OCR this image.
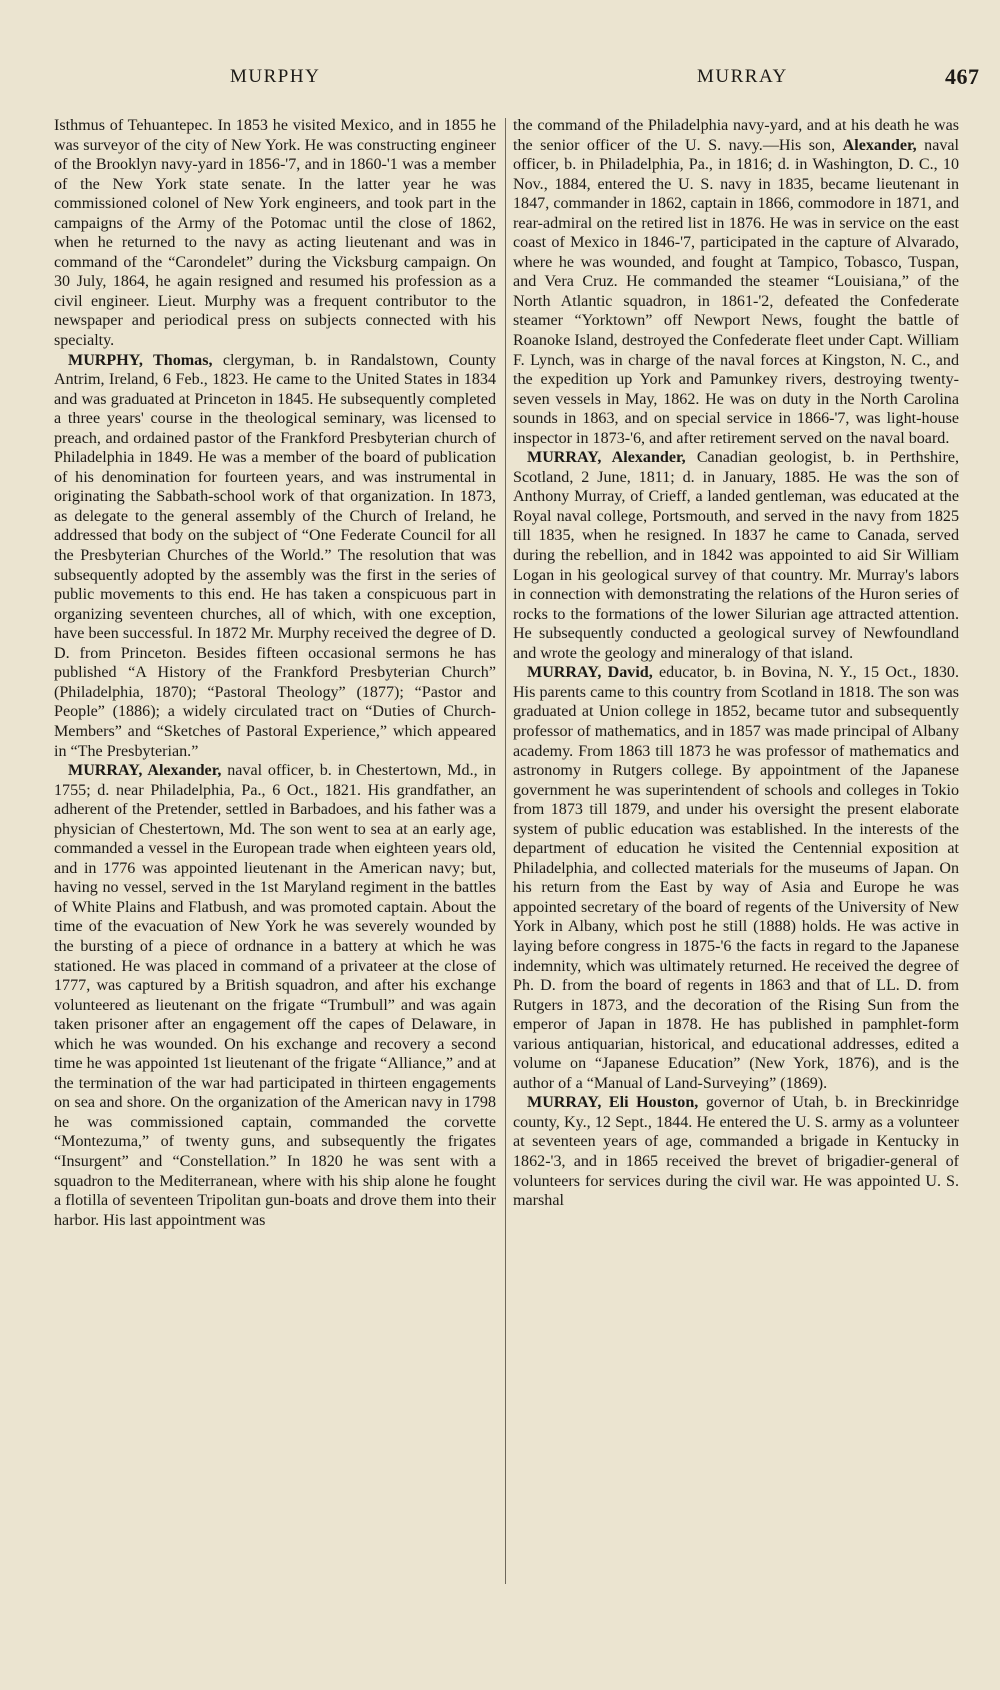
MURPHY	MURRAY	467

Isthmus of Tehuantepec. In 1853 he visited Mexico, and in 1855 he was surveyor of the city of New York. He was constructing engineer of the Brooklyn navy-yard in 1856-'7, and in 1860-'1 was a member of the New York state senate. In the latter year he was commissioned colonel of New York engineers, and took part in the campaigns of the Army of the Potomac until the close of 1862, when he returned to the navy as acting lieutenant and was in command of the “Carondelet” during the Vicksburg campaign. On 30 July, 1864, he again resigned and resumed his profession as a civil engineer. Lieut. Murphy was a frequent contributor to the newspaper and periodical press on subjects connected with his specialty.

MURPHY, Thomas, clergyman, b. in Randalstown, County Antrim, Ireland, 6 Feb., 1823. He came to the United States in 1834 and was graduated at Princeton in 1845. He subsequently completed a three years' course in the theological seminary, was licensed to preach, and ordained pastor of the Frankford Presbyterian church of Philadelphia in 1849. He was a member of the board of publication of his denomination for fourteen years, and was instrumental in originating the Sabbath-school work of that organization. In 1873, as delegate to the general assembly of the Church of Ireland, he addressed that body on the subject of “One Federate Council for all the Presbyterian Churches of the World.” The resolution that was subsequently adopted by the assembly was the first in the series of public movements to this end. He has taken a conspicuous part in organizing seventeen churches, all of which, with one exception, have been successful. In 1872 Mr. Murphy received the degree of D. D. from Princeton. Besides fifteen occasional sermons he has published “A History of the Frankford Presbyterian Church” (Philadelphia, 1870); “Pastoral Theology” (1877); “Pastor and People” (1886); a widely circulated tract on “Duties of Church-Members” and “Sketches of Pastoral Experience,” which appeared in “The Presbyterian.”

MURRAY, Alexander, naval officer, b. in Chestertown, Md., in 1755; d. near Philadelphia, Pa., 6 Oct., 1821. His grandfather, an adherent of the Pretender, settled in Barbadoes, and his father was a physician of Chestertown, Md. The son went to sea at an early age, commanded a vessel in the European trade when eighteen years old, and in 1776 was appointed lieutenant in the American navy; but, having no vessel, served in the 1st Maryland regiment in the battles of White Plains and Flatbush, and was promoted captain. About the time of the evacuation of New York he was severely wounded by the bursting of a piece of ordnance in a battery at which he was stationed. He was placed in command of a privateer at the close of 1777, was captured by a British squadron, and after his exchange volunteered as lieutenant on the frigate “Trumbull” and was again taken prisoner after an engagement off the capes of Delaware, in which he was wounded. On his exchange and recovery a second time he was appointed 1st lieutenant of the frigate “Alliance,” and at the termination of the war had participated in thirteen engagements on sea and shore. On the organization of the American navy in 1798 he was commissioned captain, commanded the corvette “Montezuma,” of twenty guns, and subsequently the frigates “Insurgent” and “Constellation.” In 1820 he was sent with a squadron to the Mediterranean, where with his ship alone he fought a flotilla of seventeen Tripolitan gun-boats and drove them into their harbor. His last appointment was

the command of the Philadelphia navy-yard, and at his death he was the senior officer of the U. S. navy.—His son, Alexander, naval officer, b. in Philadelphia, Pa., in 1816; d. in Washington, D. C., 10 Nov., 1884, entered the U. S. navy in 1835, became lieutenant in 1847, commander in 1862, captain in 1866, commodore in 1871, and rear-admiral on the retired list in 1876. He was in service on the east coast of Mexico in 1846-'7, participated in the capture of Alvarado, where he was wounded, and fought at Tampico, Tobasco, Tuspan, and Vera Cruz. He commanded the steamer “Louisiana,” of the North Atlantic squadron, in 1861-'2, defeated the Confederate steamer “Yorktown” off Newport News, fought the battle of Roanoke Island, destroyed the Confederate fleet under Capt. William F. Lynch, was in charge of the naval forces at Kingston, N. C., and the expedition up York and Pamunkey rivers, destroying twenty-seven vessels in May, 1862. He was on duty in the North Carolina sounds in 1863, and on special service in 1866-'7, was light-house inspector in 1873-'6, and after retirement served on the naval board.

MURRAY, Alexander, Canadian geologist, b. in Perthshire, Scotland, 2 June, 1811; d. in January, 1885. He was the son of Anthony Murray, of Crieff, a landed gentleman, was educated at the Royal naval college, Portsmouth, and served in the navy from 1825 till 1835, when he resigned. In 1837 he came to Canada, served during the rebellion, and in 1842 was appointed to aid Sir William Logan in his geological survey of that country. Mr. Murray's labors in connection with demonstrating the relations of the Huron series of rocks to the formations of the lower Silurian age attracted attention. He subsequently conducted a geological survey of Newfoundland and wrote the geology and mineralogy of that island.

MURRAY, David, educator, b. in Bovina, N. Y., 15 Oct., 1830. His parents came to this country from Scotland in 1818. The son was graduated at Union college in 1852, became tutor and subsequently professor of mathematics, and in 1857 was made principal of Albany academy. From 1863 till 1873 he was professor of mathematics and astronomy in Rutgers college. By appointment of the Japanese government he was superintendent of schools and colleges in Tokio from 1873 till 1879, and under his oversight the present elaborate system of public education was established. In the interests of the department of education he visited the Centennial exposition at Philadelphia, and collected materials for the museums of Japan. On his return from the East by way of Asia and Europe he was appointed secretary of the board of regents of the University of New York in Albany, which post he still (1888) holds. He was active in laying before congress in 1875-'6 the facts in regard to the Japanese indemnity, which was ultimately returned. He received the degree of Ph. D. from the board of regents in 1863 and that of LL. D. from Rutgers in 1873, and the decoration of the Rising Sun from the emperor of Japan in 1878. He has published in pamphlet-form various antiquarian, historical, and educational addresses, edited a volume on “Japanese Education” (New York, 1876), and is the author of a “Manual of Land-Surveying” (1869).

MURRAY, Eli Houston, governor of Utah, b. in Breckinridge county, Ky., 12 Sept., 1844. He entered the U. S. army as a volunteer at seventeen years of age, commanded a brigade in Kentucky in 1862-'3, and in 1865 received the brevet of brigadier-general of volunteers for services during the civil war. He was appointed U. S. marshal
